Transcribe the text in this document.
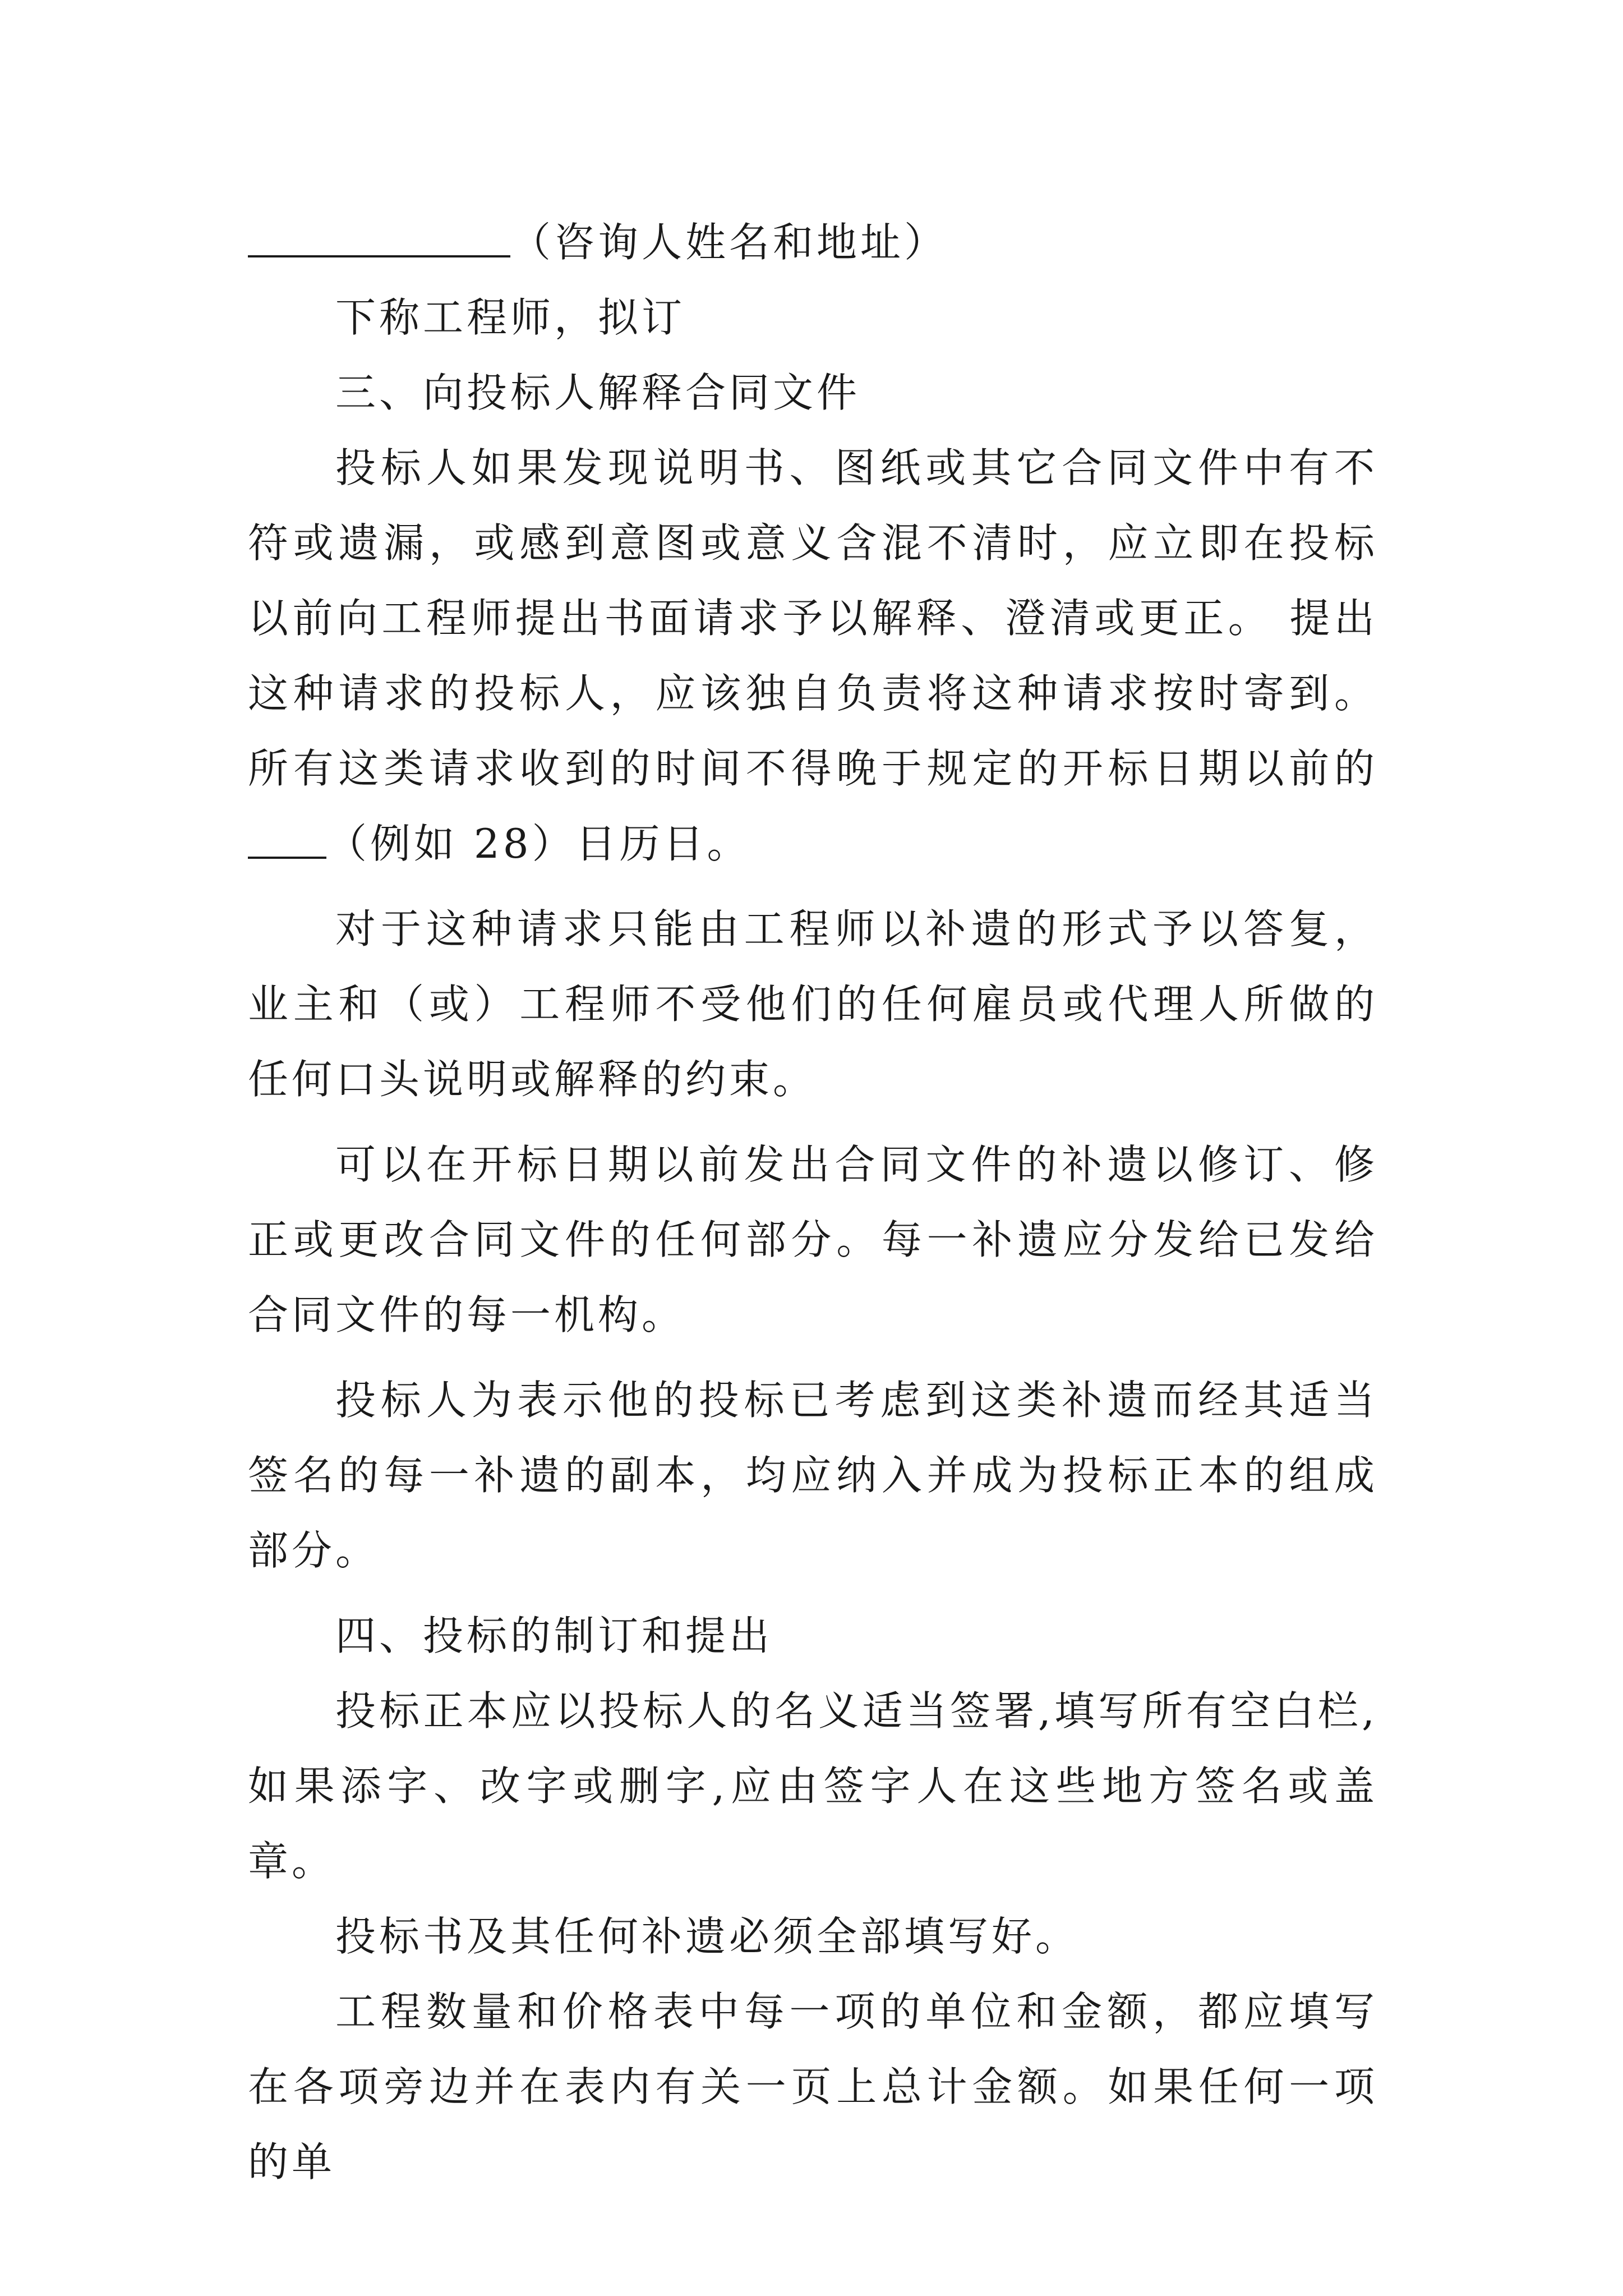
（咨询人姓名和地址）

下称工程师，拟订

三、向投标人解释合同文件

投标人如果发现说明书、图纸或其它合同文件中有不符或遗漏，或感到意图或意义含混不清时，应立即在投标以前向工程师提出书面请求予以解释、澄清或更正。 提出这种请求的投标人，应该独自负责将这种请求按时寄到。所有这类请求收到的时间不得晚于规定的开标日期以前的（例如 28）日历日。

对于这种请求只能由工程师以补遗的形式予以答复，业主和（或）工程师不受他们的任何雇员或代理人所做的任何口头说明或解释的约束。

可以在开标日期以前发出合同文件的补遗以修订、修正或更改合同文件的任何部分。每一补遗应分发给已发给合同文件的每一机构。

投标人为表示他的投标已考虑到这类补遗而经其适当签名的每一补遗的副本，均应纳入并成为投标正本的组成部分。

四、投标的制订和提出

投标正本应以投标人的名义适当签署,填写所有空白栏,如果添字、改字或删字,应由签字人在这些地方签名或盖章。

投标书及其任何补遗必须全部填写好。

工程数量和价格表中每一项的单位和金额，都应填写在各项旁边并在表内有关一页上总计金额。如果任何一项的单
